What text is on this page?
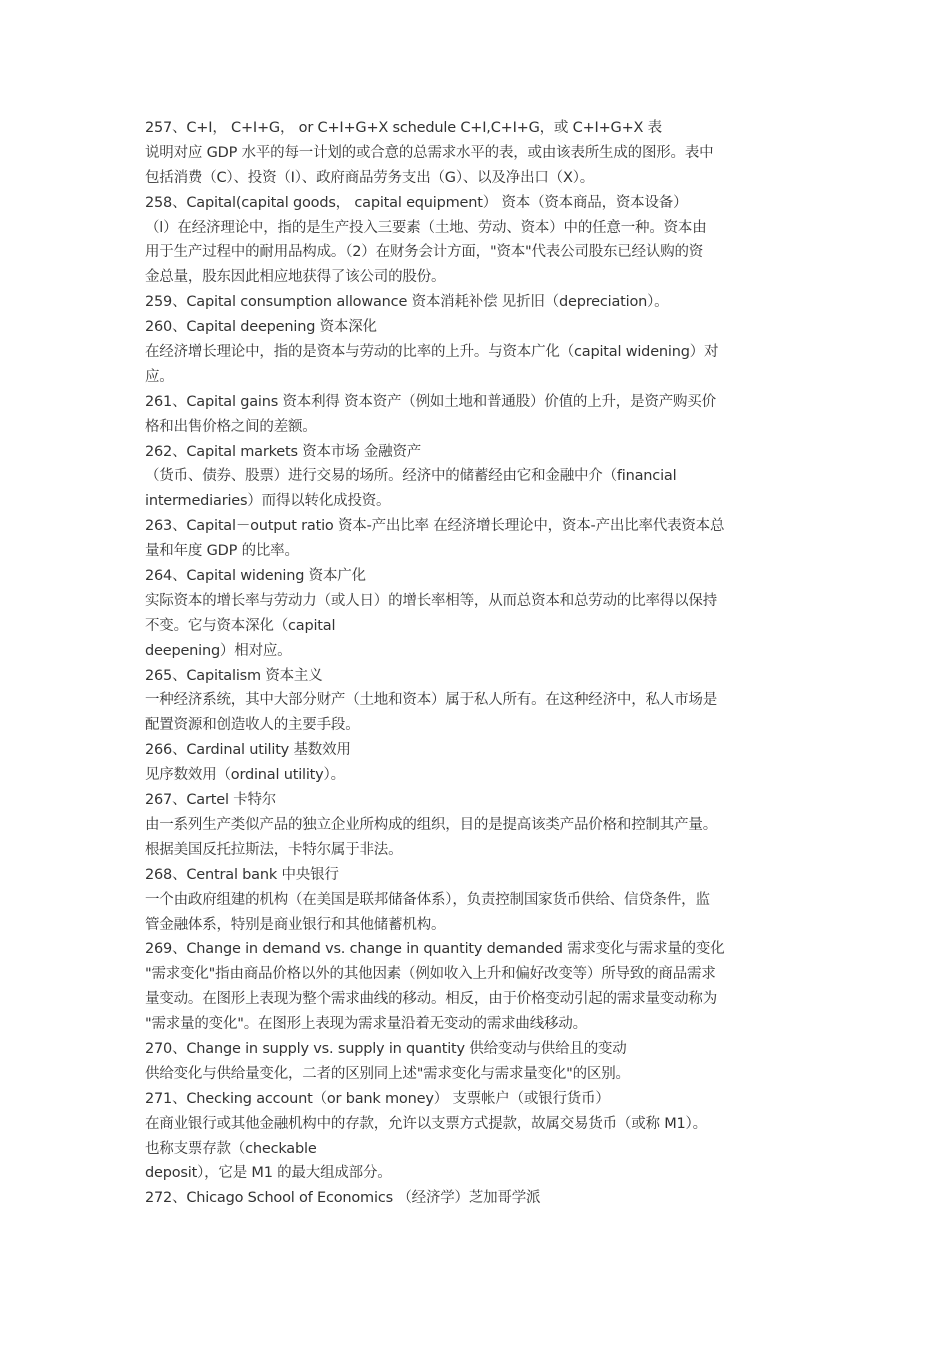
257、C+I， C+I+G， or C+I+G+X schedule C+I,C+I+G，或 C+I+G+X 表
说明对应 GDP 水平的每一计划的或合意的总需求水平的表，或由该表所生成的图形。表中
包括消费（C）、投资（I）、政府商品劳务支出（G）、以及净出口（X）。
258、Capital(capital goods， capital equipment） 资本（资本商品，资本设备）
（l）在经济理论中，指的是生产投入三要素（土地、劳动、资本）中的任意一种。资本由
用于生产过程中的耐用品构成。（2）在财务会计方面，"资本"代表公司股东已经认购的资
金总量，股东因此相应地获得了该公司的股份。
259、Capital consumption allowance 资本消耗补偿 见折旧（depreciation）。
260、Capital deepening 资本深化
在经济增长理论中，指的是资本与劳动的比率的上升。与资本广化（capital widening）对
应。
261、Capital gains 资本利得 资本资产（例如土地和普通股）价值的上升，是资产购买价
格和出售价格之间的差额。
262、Capital markets 资本市场 金融资产
（货币、债券、股票）进行交易的场所。经济中的储蓄经由它和金融中介（financial
intermediaries）而得以转化成投资。
263、Capital－output ratio 资本-产出比率 在经济增长理论中，资本-产出比率代表资本总
量和年度 GDP 的比率。
264、Capital widening 资本广化
实际资本的增长率与劳动力（或人日）的增长率相等，从而总资本和总劳动的比率得以保持
不变。它与资本深化（capital
deepening）相对应。
265、Capitalism 资本主义
一种经济系统，其中大部分财产（土地和资本）属于私人所有。在这种经济中，私人市场是
配置资源和创造收人的主要手段。
266、Cardinal utility 基数效用
见序数效用（ordinal utility）。
267、Cartel 卡特尔
由一系列生产类似产品的独立企业所构成的组织，目的是提高该类产品价格和控制其产量。
根据美国反托拉斯法，卡特尔属于非法。
268、Central bank 中央银行
一个由政府组建的机构（在美国是联邦储备体系），负责控制国家货币供给、信贷条件，监
管金融体系，特别是商业银行和其他储蓄机构。
269、Change in demand vs. change in quantity demanded 需求变化与需求量的变化
"需求变化"指由商品价格以外的其他因素（例如收入上升和偏好改变等）所导致的商品需求
量变动。在图形上表现为整个需求曲线的移动。相反，由于价格变动引起的需求量变动称为
"需求量的变化"。在图形上表现为需求量沿着无变动的需求曲线移动。
270、Change in supply vs. supply in quantity 供给变动与供给且的变动
供给变化与供给量变化，二者的区别同上述"需求变化与需求量变化"的区别。
271、Checking account（or bank money） 支票帐户（或银行货币）
在商业银行或其他金融机构中的存款，允许以支票方式提款，故属交易货币（或称 M1）。
也称支票存款（checkable
deposit），它是 M1 的最大组成部分。
272、Chicago School of Economics （经济学）芝加哥学派
